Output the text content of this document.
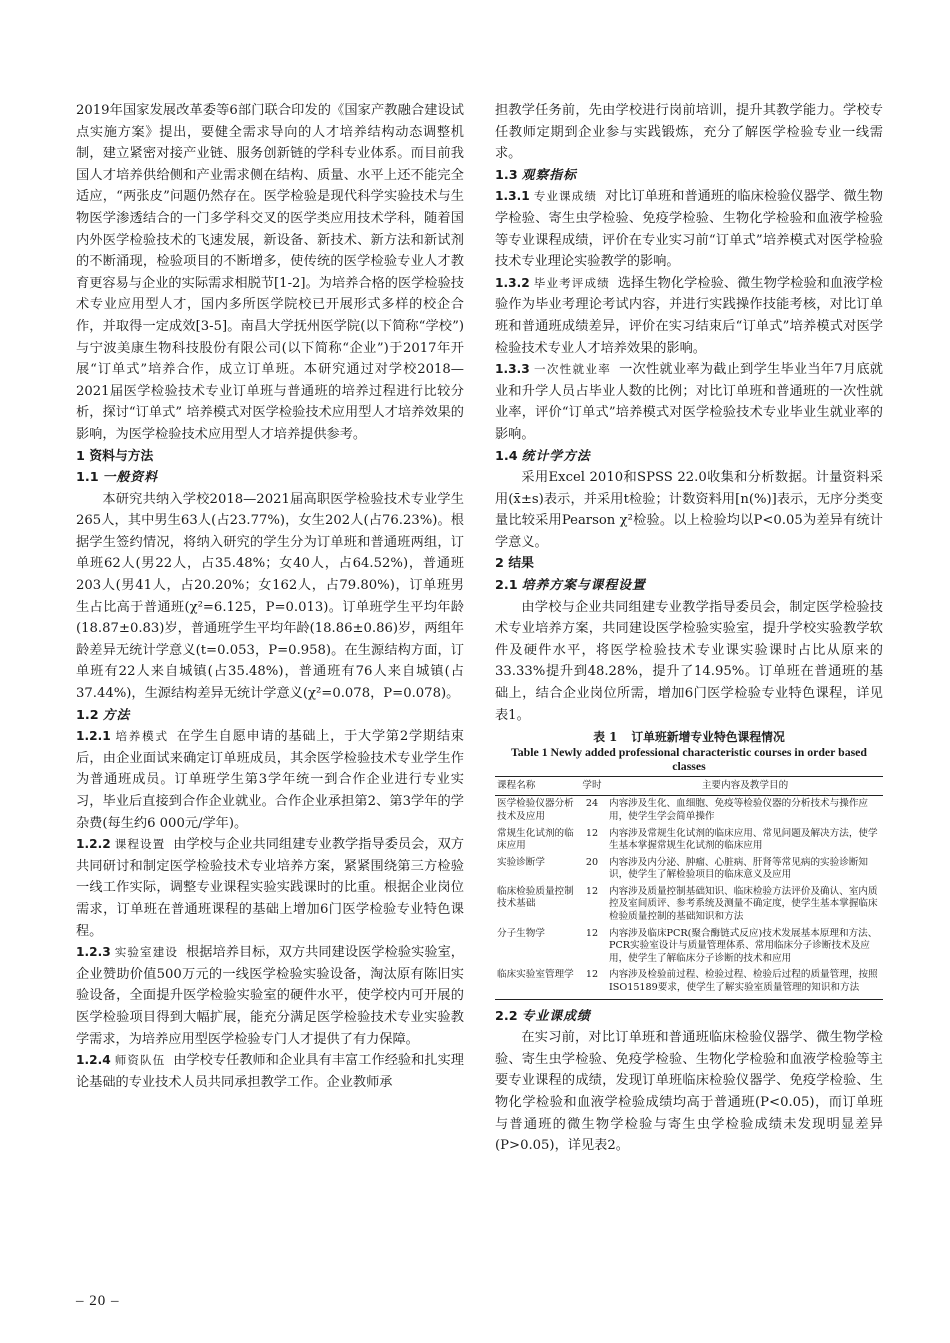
2019年国家发展改革委等6部门联合印发的《国家产教融合建设试点实施方案》提出，要健全需求导向的人才培养结构动态调整机制，建立紧密对接产业链、服务创新链的学科专业体系。而目前我国人才培养供给侧和产业需求侧在结构、质量、水平上还不能完全适应，“两张皮”问题仍然存在。医学检验是现代科学实验技术与生物医学渗透结合的一门多学科交叉的医学类应用技术学科，随着国内外医学检验技术的飞速发展，新设备、新技术、新方法和新试剂的不断涌现，检验项目的不断增多，使传统的医学检验专业人才教育更容易与企业的实际需求相脱节[1-2]。为培养合格的医学检验技术专业应用型人才，国内多所医学院校已开展形式多样的校企合作，并取得一定成效[3-5]。南昌大学抚州医学院(以下简称“学校”)与宁波美康生物科技股份有限公司(以下简称“企业”)于2017年开展“订单式”培养合作，成立订单班。本研究通过对学校2018—2021届医学检验技术专业订单班与普通班的培养过程进行比较分析，探讨“订单式” 培养模式对医学检验技术应用型人才培养效果的影响，为医学检验技术应用型人才培养提供参考。

1 资料与方法

1.1 一般资料

本研究共纳入学校2018—2021届高职医学检验技术专业学生265人，其中男生63人(占23.77%)，女生202人(占76.23%)。根据学生签约情况，将纳入研究的学生分为订单班和普通班两组，订单班62人(男22人，占35.48%；女40人，占64.52%)，普通班203人(男41人，占20.20%；女162人，占79.80%)，订单班男生占比高于普通班(χ²=6.125，P=0.013)。订单班学生平均年龄(18.87±0.83)岁，普通班学生平均年龄(18.86±0.86)岁，两组年龄差异无统计学意义(t=0.053，P=0.958)。在生源结构方面，订单班有22人来自城镇(占35.48%)，普通班有76人来自城镇(占37.44%)，生源结构差异无统计学意义(χ²=0.078，P=0.078)。

1.2 方法

1.2.1 培养模式 在学生自愿申请的基础上，于大学第2学期结束后，由企业面试来确定订单班成员，其余医学检验技术专业学生作为普通班成员。订单班学生第3学年统一到合作企业进行专业实习，毕业后直接到合作企业就业。合作企业承担第2、第3学年的学杂费(每生约6 000元/学年)。

1.2.2 课程设置 由学校与企业共同组建专业教学指导委员会，双方共同研讨和制定医学检验技术专业培养方案，紧紧围绕第三方检验一线工作实际，调整专业课程实验实践课时的比重。根据企业岗位需求，订单班在普通班课程的基础上增加6门医学检验专业特色课程。

1.2.3 实验室建设 根据培养目标，双方共同建设医学检验实验室，企业赞助价值500万元的一线医学检验实验设备，淘汰原有陈旧实验设备，全面提升医学检验实验室的硬件水平，使学校内可开展的医学检验项目得到大幅扩展，能充分满足医学检验技术专业实验教学需求，为培养应用型医学检验专门人才提供了有力保障。

1.2.4 师资队伍 由学校专任教师和企业具有丰富工作经验和扎实理论基础的专业技术人员共同承担教学工作。企业教师承

担教学任务前，先由学校进行岗前培训，提升其教学能力。学校专任教师定期到企业参与实践锻炼，充分了解医学检验专业一线需求。

1.3 观察指标

1.3.1 专业课成绩 对比订单班和普通班的临床检验仪器学、微生物学检验、寄生虫学检验、免疫学检验、生物化学检验和血液学检验等专业课程成绩，评价在专业实习前“订单式”培养模式对医学检验技术专业理论实验教学的影响。

1.3.2 毕业考评成绩 选择生物化学检验、微生物学检验和血液学检验作为毕业考理论考试内容，并进行实践操作技能考核，对比订单班和普通班成绩差异，评价在实习结束后“订单式”培养模式对医学检验技术专业人才培养效果的影响。

1.3.3 一次性就业率 一次性就业率为截止到学生毕业当年7月底就业和升学人员占毕业人数的比例；对比订单班和普通班的一次性就业率，评价“订单式”培养模式对医学检验技术专业毕业生就业率的影响。

1.4 统计学方法

采用Excel 2010和SPSS 22.0收集和分析数据。计量资料采用(x̄±s)表示，并采用t检验；计数资料用[n(%)]表示，无序分类变量比较采用Pearson χ²检验。以上检验均以P<0.05为差异有统计学意义。

2 结果

2.1 培养方案与课程设置

由学校与企业共同组建专业教学指导委员会，制定医学检验技术专业培养方案，共同建设医学检验实验室，提升学校实验教学软件及硬件水平，将医学检验技术专业课实验课时占比从原来的33.33%提升到48.28%，提升了14.95%。订单班在普通班的基础上，结合企业岗位所需，增加6门医学检验专业特色课程，详见表1。

表 1 订单班新增专业特色课程情况
Table 1 Newly added professional characteristic courses in order based classes
课程名称	学时	主要内容及教学目的
医学检验仪器分析技术及应用	24	内容涉及生化、血细胞、免疫等检验仪器的分析技术与操作应用，使学生学会简单操作
常规生化试剂的临床应用	12	内容涉及常规生化试剂的临床应用、常见问题及解决方法，使学生基本掌握常规生化试剂的临床应用
实验诊断学	20	内容涉及内分泌、肿瘤、心脏病、肝肾等常见病的实验诊断知识，使学生了解检验项目的临床意义及应用
临床检验质量控制技术基础	12	内容涉及质量控制基础知识、临床检验方法评价及确认、室内质控及室间质评、参考系统及测量不确定度，使学生基本掌握临床检验质量控制的基础知识和方法
分子生物学	12	内容涉及临床PCR(聚合酶链式反应)技术发展基本原理和方法、PCR实验室设计与质量管理体系、常用临床分子诊断技术及应用，使学生了解临床分子诊断的技术和应用
临床实验室管理学	12	内容涉及检验前过程、检验过程、检验后过程的质量管理，按照ISO15189要求，使学生了解实验室质量管理的知识和方法

2.2 专业课成绩

在实习前，对比订单班和普通班临床检验仪器学、微生物学检验、寄生虫学检验、免疫学检验、生物化学检验和血液学检验等主要专业课程的成绩，发现订单班临床检验仪器学、免疫学检验、生物化学检验和血液学检验成绩均高于普通班(P<0.05)，而订单班与普通班的微生物学检验与寄生虫学检验成绩未发现明显差异(P>0.05)，详见表2。

– 20 –
